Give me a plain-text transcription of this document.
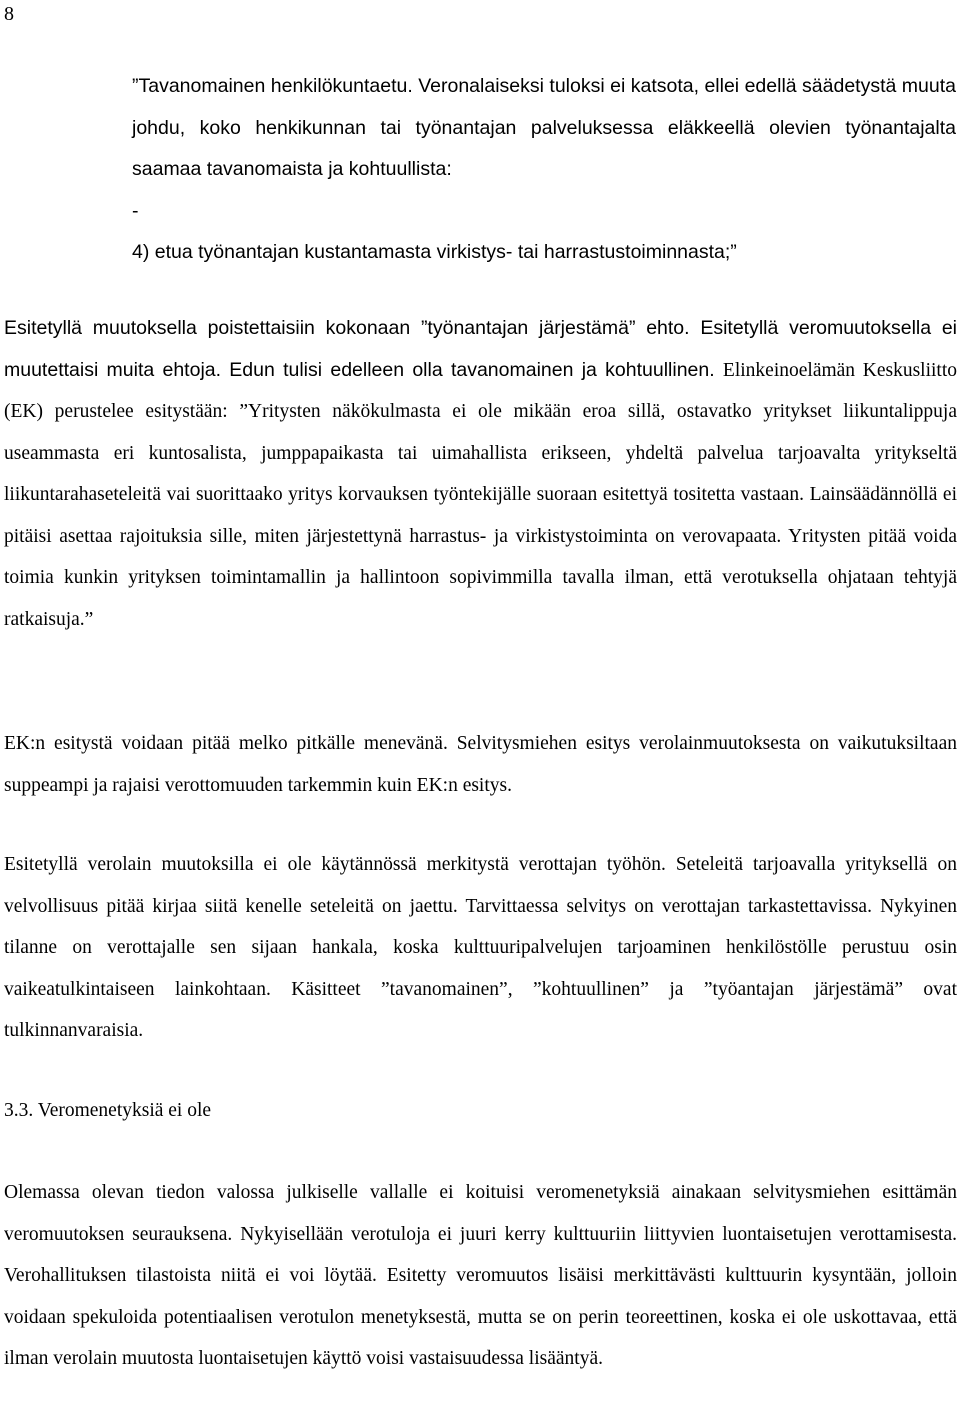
8

”Tavanomainen henkilökuntaetu. Veronalaiseksi tuloksi ei katsota, ellei edellä säädetystä muuta johdu, koko henkikunnan tai työnantajan palveluksessa eläkkeellä olevien työnantajalta saamaa tavanomaista ja kohtuullista:

-

4) etua työnantajan kustantamasta virkistys- tai harrastustoiminnasta;”

Esitetyllä muutoksella poistettaisiin kokonaan ”työnantajan järjestämä” ehto. Esitetyllä veromuutoksella ei muutettaisi muita ehtoja. Edun tulisi edelleen olla tavanomainen ja kohtuullinen. Elinkeinoelämän Keskusliitto (EK) perustelee esitystään: ”Yritysten näkökulmasta ei ole mikään eroa sillä, ostavatko yritykset liikuntalippuja useammasta eri kuntosalista, jumppapaikasta tai uimahallista erikseen, yhdeltä palvelua tarjoavalta yritykseltä liikuntarahaseteleitä vai suorittaako yritys korvauksen työntekijälle suoraan esitettyä tositetta vastaan. Lainsäädännöllä ei pitäisi asettaa rajoituksia sille, miten järjestettynä harrastus- ja virkistystoiminta on verovapaata. Yritysten pitää voida toimia kunkin yrityksen toimintamallin ja hallintoon sopivimmilla tavalla ilman, että verotuksella ohjataan tehtyjä ratkaisuja.”

EK:n esitystä voidaan pitää melko pitkälle menevänä. Selvitysmiehen esitys verolainmuutoksesta on vaikutuksiltaan suppeampi ja rajaisi verottomuuden tarkemmin kuin EK:n esitys.

Esitetyllä verolain muutoksilla ei ole käytännössä merkitystä verottajan työhön. Seteleitä tarjoavalla yrityksellä on velvollisuus pitää kirjaa siitä kenelle seteleitä on jaettu. Tarvittaessa selvitys on verottajan tarkastettavissa. Nykyinen tilanne on verottajalle sen sijaan hankala, koska kulttuuripalvelujen tarjoaminen henkilöstölle perustuu osin vaikeatulkintaiseen lainkohtaan. Käsitteet ”tavanomainen”, ”kohtuullinen” ja ”työantajan järjestämä” ovat tulkinnanvaraisia.

3.3. Veromenetyksiä ei ole

Olemassa olevan tiedon valossa julkiselle vallalle ei koituisi veromenetyksiä ainakaan selvitysmiehen esittämän veromuutoksen seurauksena. Nykyisellään verotuloja ei juuri kerry kulttuuriin liittyvien luontaisetujen verottamisesta. Verohallituksen tilastoista niitä ei voi löytää. Esitetty veromuutos lisäisi merkittävästi kulttuurin kysyntään, jolloin voidaan spekuloida potentiaalisen verotulon menetyksestä, mutta se on perin teoreettinen, koska ei ole uskottavaa, että ilman verolain muutosta luontaisetujen käyttö voisi vastaisuudessa lisääntyä.
